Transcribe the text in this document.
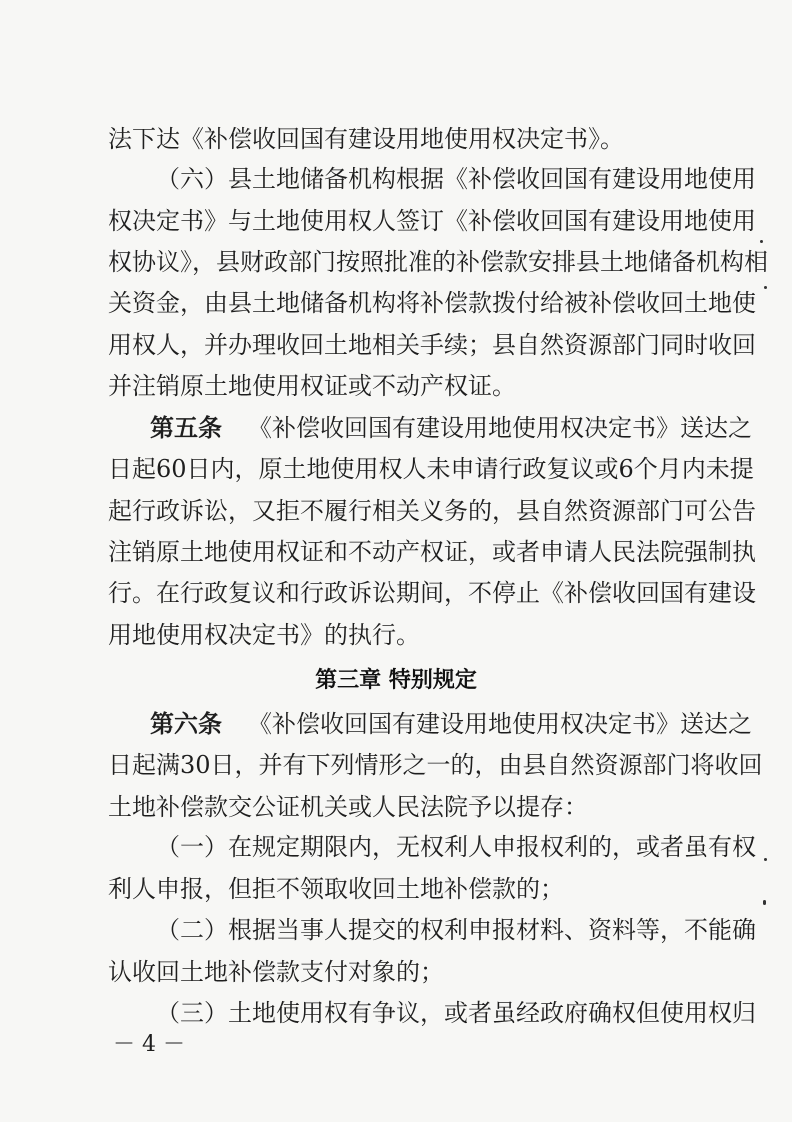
法下达《补偿收回国有建设用地使用权决定书》。
（六）县土地储备机构根据《补偿收回国有建设用地使用
权决定书》与土地使用权人签订《补偿收回国有建设用地使用
权协议》，县财政部门按照批准的补偿款安排县土地储备机构相
关资金，由县土地储备机构将补偿款拨付给被补偿收回土地使
用权人，并办理收回土地相关手续；县自然资源部门同时收回
并注销原土地使用权证或不动产权证。
第五条	《补偿收回国有建设用地使用权决定书》送达之
日起60日内，原土地使用权人未申请行政复议或6个月内未提
起行政诉讼，又拒不履行相关义务的，县自然资源部门可公告
注销原土地使用权证和不动产权证，或者申请人民法院强制执
行。在行政复议和行政诉讼期间，不停止《补偿收回国有建设
用地使用权决定书》的执行。
第三章 特别规定
第六条	《补偿收回国有建设用地使用权决定书》送达之
日起满30日，并有下列情形之一的，由县自然资源部门将收回
土地补偿款交公证机关或人民法院予以提存：
（一）在规定期限内，无权利人申报权利的，或者虽有权
利人申报，但拒不领取收回土地补偿款的；
（二）根据当事人提交的权利申报材料、资料等，不能确
认收回土地补偿款支付对象的；
（三）土地使用权有争议，或者虽经政府确权但使用权归
－ 4 －
